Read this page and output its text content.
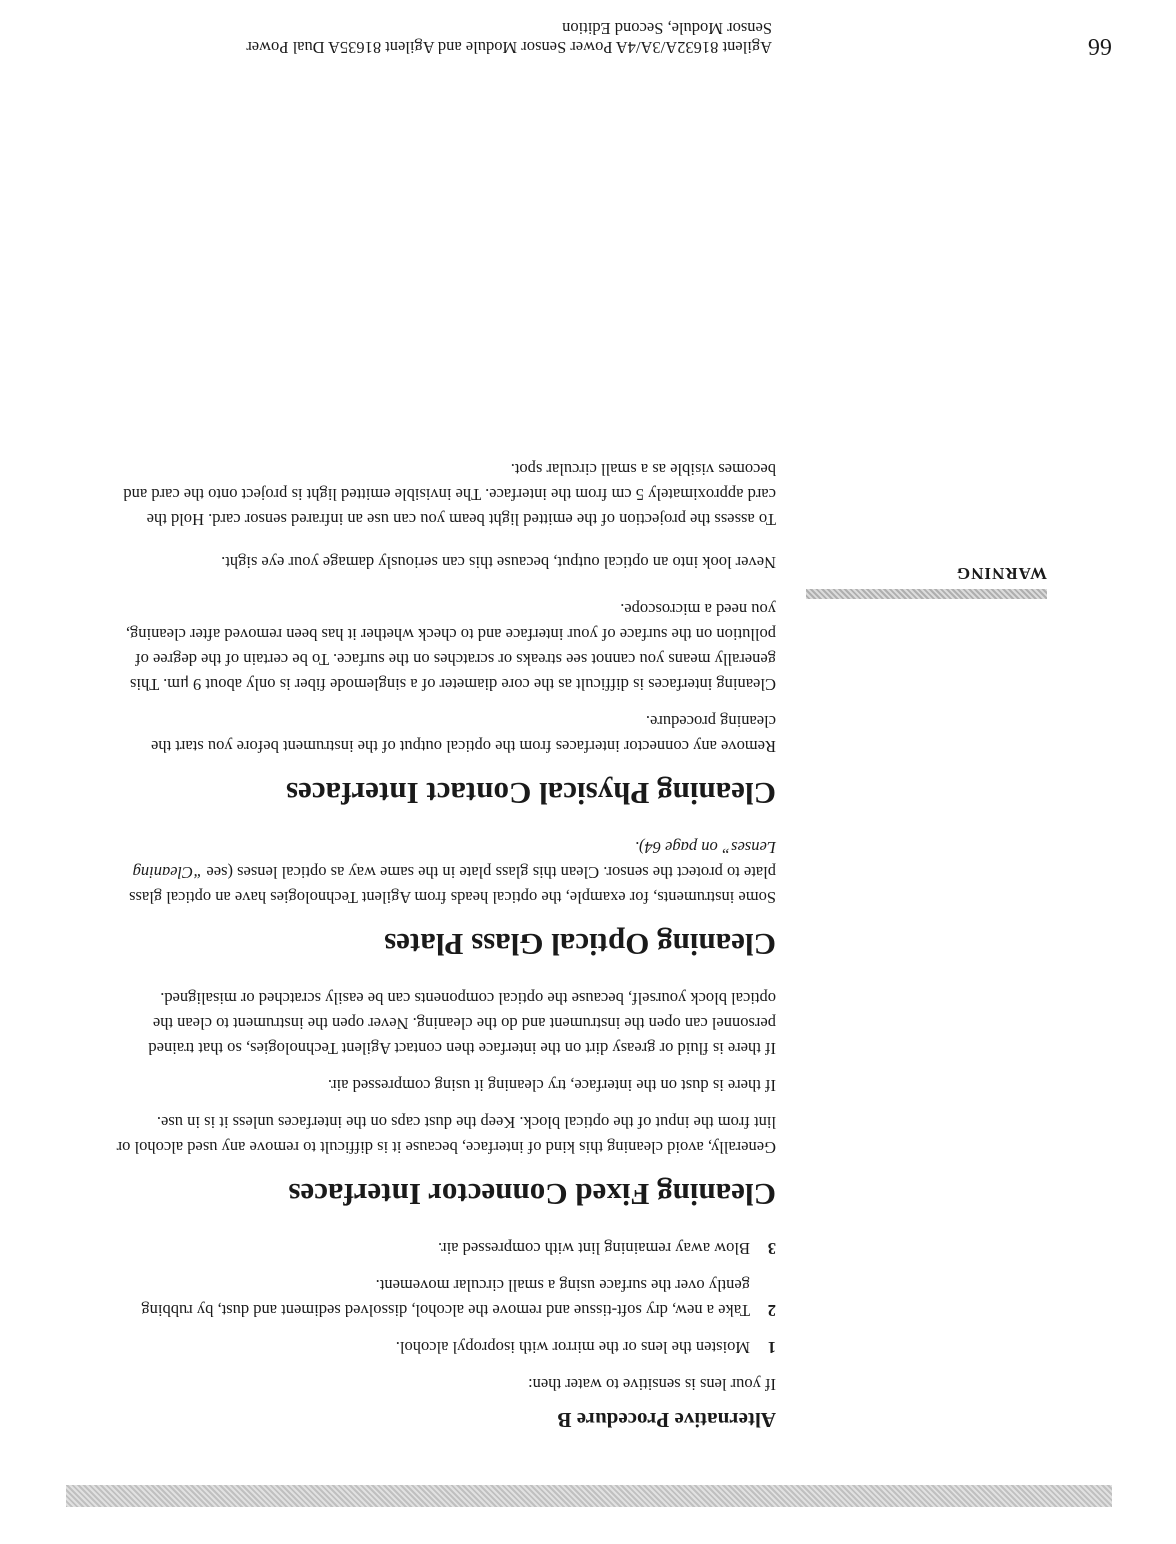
Alternative Procedure B

If your lens is sensitive to water then:

1
Moisten the lens or the mirror with isopropyl alcohol.
2
Take a new, dry soft-tissue and remove the alcohol, dissolved sediment and dust, by rubbing gently over the surface using a small circular movement.
3
Blow away remaining lint with compressed air.
Cleaning Fixed Connector Interfaces

Generally, avoid cleaning this kind of interface, because it is difficult to remove any used alcohol or lint from the input of the optical block. Keep the dust caps on the interfaces unless it is in use.

If there is dust on the interface, try cleaning it using compressed air.

If there is fluid or greasy dirt on the interface then contact Agilent Technologies, so that trained personnel can open the instrument and do the cleaning. Never open the instrument to clean the optical block yourself, because the optical components can be easily scratched or misaligned.

Cleaning Optical Glass Plates

Some instruments, for example, the optical heads from Agilent Technologies have an optical glass plate to protect the sensor. Clean this glass plate in the same way as optical lenses (see “Cleaning Lenses” on page 64).

Cleaning Physical Contact Interfaces

Remove any connector interfaces from the optical output of the instrument before you start the cleaning procedure.

Cleaning interfaces is difficult as the core diameter of a singlemode fiber is only about 9 μm. This generally means you cannot see streaks or scratches on the surface. To be certain of the degree of pollution on the surface of your interface and to check whether it has been removed after cleaning, you need a microscope.

WARNING

Never look into an optical output, because this can seriously damage your eye sight.

To assess the projection of the emitted light beam you can use an infrared sensor card. Hold the card approximately 5 cm from the interface. The invisible emitted light is project onto the card and becomes visible as a small circular spot.

66
Agilent 81632A/3A/4A Power Sensor Module and Agilent 81635A Dual Power
Sensor Module, Second Edition
